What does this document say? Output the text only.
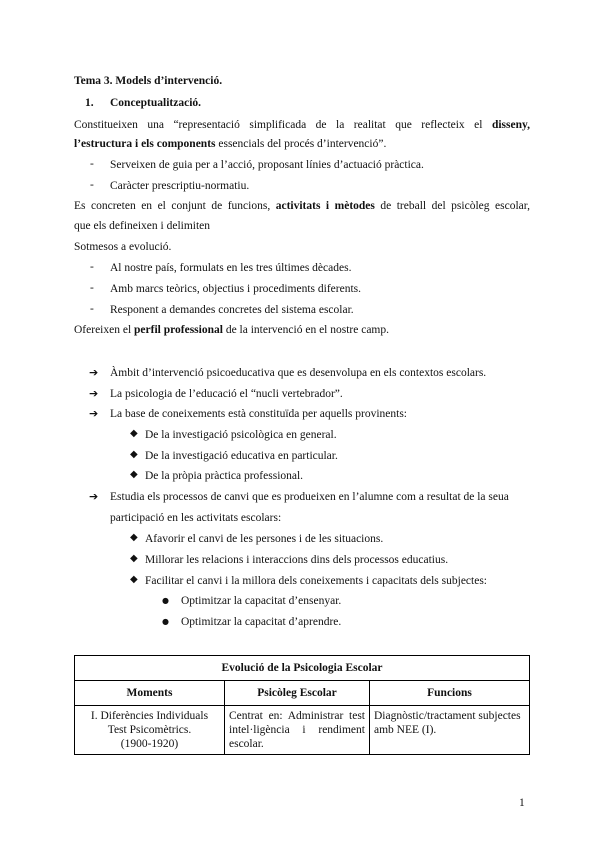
Tema 3. Models d’intervenció.
1. Conceptualització.
Constitueixen una “representació simplificada de la realitat que reflecteix el disseny,
l’estructura i els components essencials del procés d’intervenció”.
- Serveixen de guia per a l’acció, proposant línies d’actuació pràctica.
- Caràcter prescriptiu-normatiu.
Es concreten en el conjunt de funcions, activitats i mètodes de treball del psicòleg escolar,
que els defineixen i delimiten
Sotmesos a evolució.
- Al nostre país, formulats en les tres últimes dècades.
- Amb marcs teòrics, objectius i procediments diferents.
- Responent a demandes concretes del sistema escolar.
Ofereixen el perfil professional de la intervenció en el nostre camp.
➔ Àmbit d’intervenció psicoeducativa que es desenvolupa en els contextos escolars.
➔ La psicologia de l’educació el “nucli vertebrador”.
➔ La base de coneixements està constituïda per aquells provinents:
◆ De la investigació psicològica en general.
◆ De la investigació educativa en particular.
◆ De la pròpia pràctica professional.
➔ Estudia els processos de canvi que es produeixen en l’alumne com a resultat de la seua
participació en les activitats escolars:
◆ Afavorir el canvi de les persones i de les situacions.
◆ Millorar les relacions i interaccions dins dels processos educatius.
◆ Facilitar el canvi i la millora dels coneixements i capacitats dels subjectes:
● Optimitzar la capacitat d’ensenyar.
● Optimitzar la capacitat d’aprendre.
Evolució de la Psicologia Escolar		
Moments	Psicòleg Escolar	Funcions

I. Diferències Individuals
Test Psicomètrics.
(1900-1920)	Centrat en: Administrar test intel·ligència i rendiment escolar.	Diagnòstic/tractament subjectes amb NEE (I).
1
